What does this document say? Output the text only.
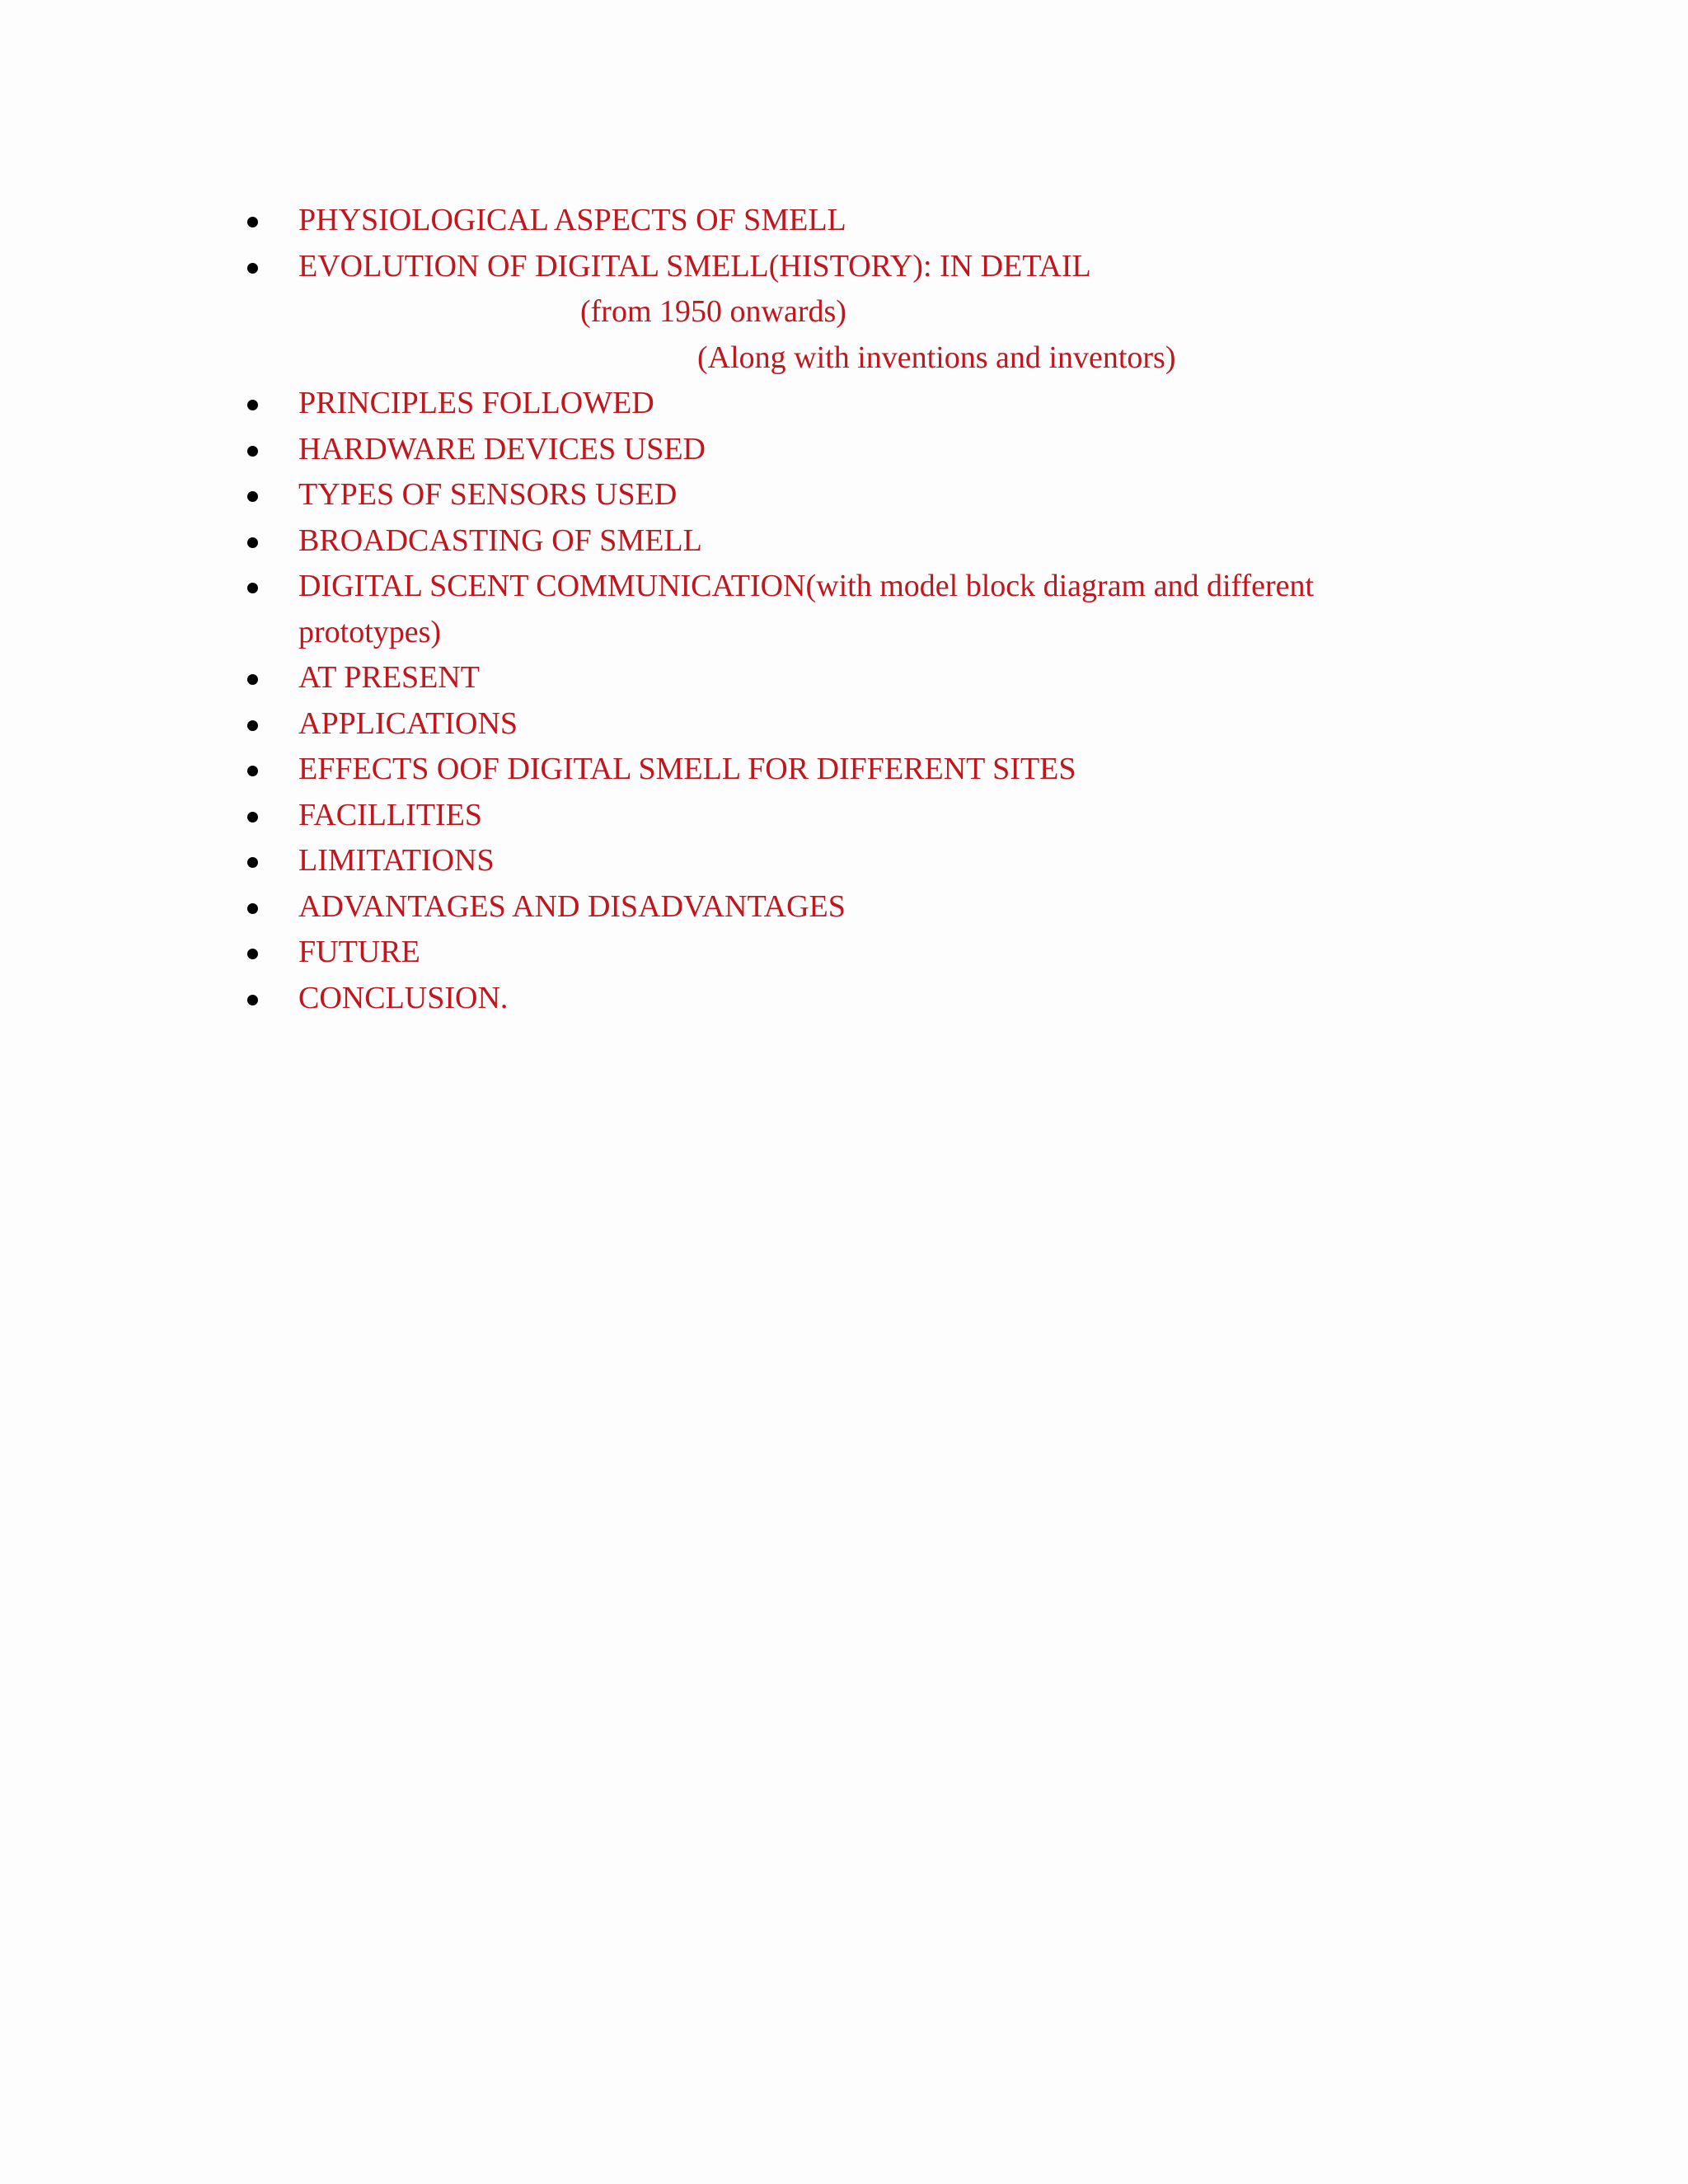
PHYSIOLOGICAL ASPECTS OF SMELL
EVOLUTION OF DIGITAL SMELL(HISTORY): IN DETAIL
(from 1950 onwards)
(Along with inventions and inventors)
PRINCIPLES FOLLOWED
HARDWARE DEVICES USED
TYPES OF SENSORS USED
BROADCASTING OF SMELL
DIGITAL SCENT COMMUNICATION(with model block diagram and different prototypes)
AT PRESENT
APPLICATIONS
EFFECTS OOF DIGITAL SMELL FOR DIFFERENT SITES
FACILLITIES
LIMITATIONS
ADVANTAGES AND DISADVANTAGES
FUTURE
CONCLUSION.
